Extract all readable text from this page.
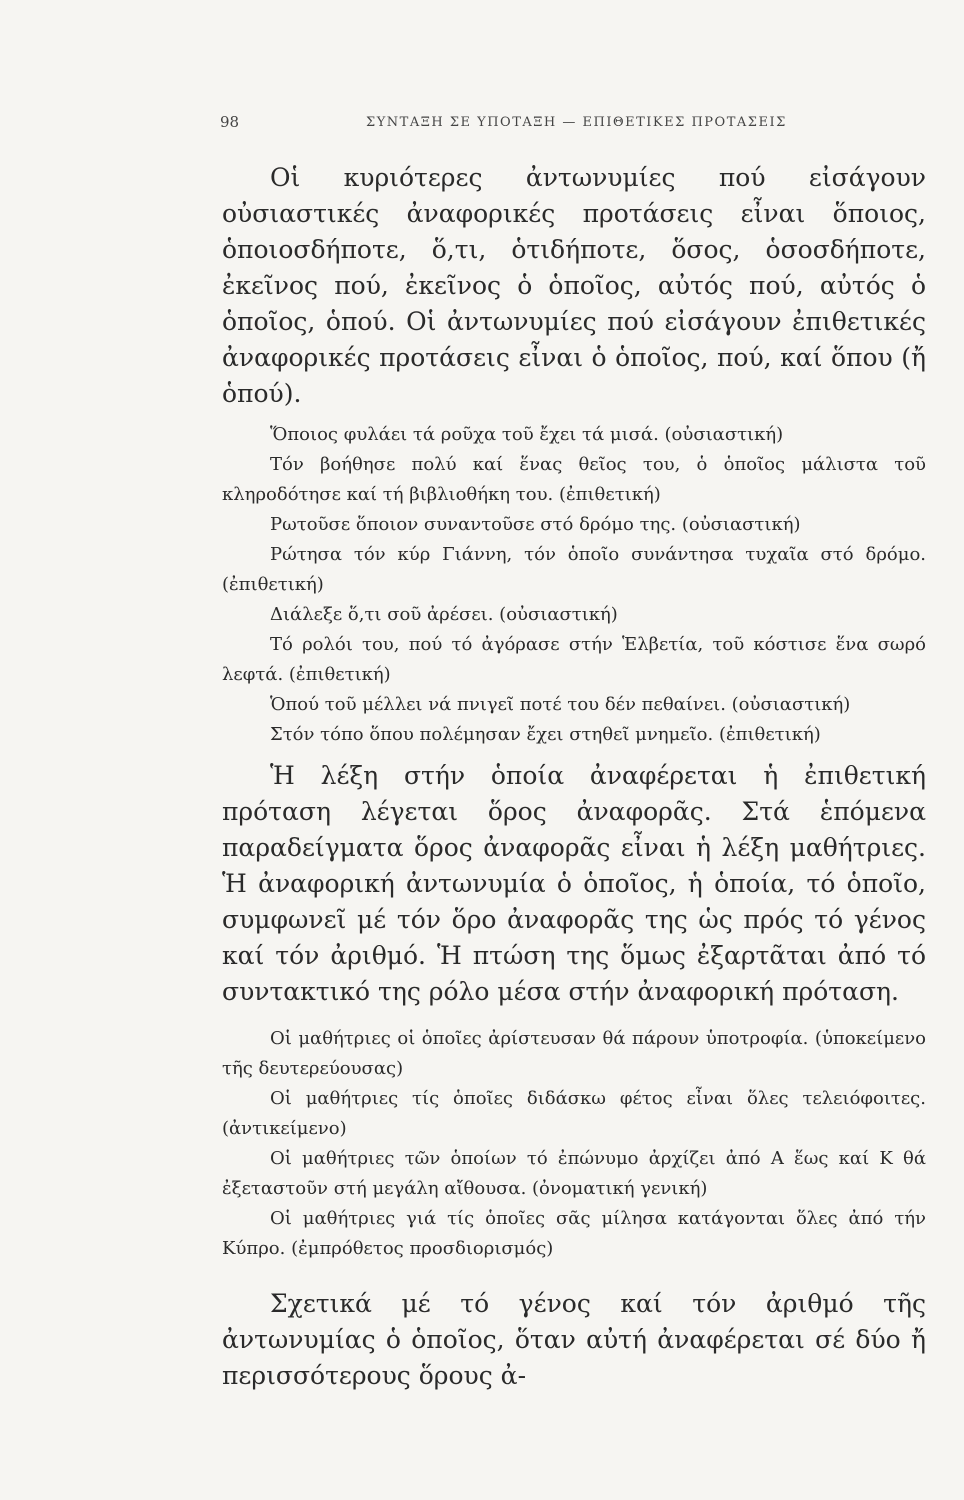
98	ΣΥΝΤΑΞΗ ΣΕ ΥΠΟΤΑΞΗ — ΕΠΙΘΕΤΙΚΕΣ ΠΡΟΤΑΣΕΙΣ

Οἱ κυριότερες ἀντωνυμίες πού εἰσάγουν οὐσιαστικές ἀναφορικές προτάσεις εἶναι ὅποιος, ὁποιοσδήποτε, ὅ,τι, ὁτιδήποτε, ὅσος, ὁσοσδήποτε, ἐκεῖνος πού, ἐκεῖνος ὁ ὁποῖος, αὐτός πού, αὐτός ὁ ὁποῖος, ὁπού. Οἱ ἀντωνυμίες πού εἰσάγουν ἐπιθετικές ἀναφορικές προτάσεις εἶναι ὁ ὁποῖος, πού, καί ὅπου (ἤ ὁπού).

Ὅποιος φυλάει τά ροῦχα τοῦ ἔχει τά μισά. (οὐσιαστική)

Τόν βοήθησε πολύ καί ἕνας θεῖος του, ὁ ὁποῖος μάλιστα τοῦ κληροδότησε καί τή βιβλιοθήκη του. (ἐπιθετική)

Ρωτοῦσε ὅποιον συναντοῦσε στό δρόμο της. (οὐσιαστική)

Ρώτησα τόν κύρ Γιάννη, τόν ὁποῖο συνάντησα τυχαῖα στό δρόμο. (ἐπιθετική)

Διάλεξε ὅ,τι σοῦ ἀρέσει. (οὐσιαστική)

Τό ρολόι του, πού τό ἀγόρασε στήν Ἑλβετία, τοῦ κόστισε ἕνα σωρό λεφτά. (ἐπιθετική)

Ὁπού τοῦ μέλλει νά πνιγεῖ ποτέ του δέν πεθαίνει. (οὐσιαστική)

Στόν τόπο ὅπου πολέμησαν ἔχει στηθεῖ μνημεῖο. (ἐπιθετική)

Ἡ λέξη στήν ὁποία ἀναφέρεται ἡ ἐπιθετική πρόταση λέγεται ὅρος ἀναφορᾶς. Στά ἑπόμενα παραδείγματα ὅρος ἀναφορᾶς εἶναι ἡ λέξη μαθήτριες. Ἡ ἀναφορική ἀντωνυμία ὁ ὁποῖος, ἡ ὁποία, τό ὁποῖο, συμφωνεῖ μέ τόν ὅρο ἀναφορᾶς της ὡς πρός τό γένος καί τόν ἀριθμό. Ἡ πτώση της ὅμως ἐξαρτᾶται ἀπό τό συντακτικό της ρόλο μέσα στήν ἀναφορική πρόταση.

Οἱ μαθήτριες οἱ ὁποῖες ἀρίστευσαν θά πάρουν ὑποτροφία. (ὑποκείμενο τῆς δευτερεύουσας)

Οἱ μαθήτριες τίς ὁποῖες διδάσκω φέτος εἶναι ὅλες τελειόφοιτες. (ἀντικείμενο)

Οἱ μαθήτριες τῶν ὁποίων τό ἐπώνυμο ἀρχίζει ἀπό Α ἕως καί Κ θά ἐξεταστοῦν στή μεγάλη αἴθουσα. (ὀνοματική γενική)

Οἱ μαθήτριες γιά τίς ὁποῖες σᾶς μίλησα κατάγονται ὅλες ἀπό τήν Κύπρο. (ἐμπρόθετος προσδιορισμός)

Σχετικά μέ τό γένος καί τόν ἀριθμό τῆς ἀντωνυμίας ὁ ὁποῖος, ὅταν αὐτή ἀναφέρεται σέ δύο ἤ περισσότερους ὅρους ἀ-
